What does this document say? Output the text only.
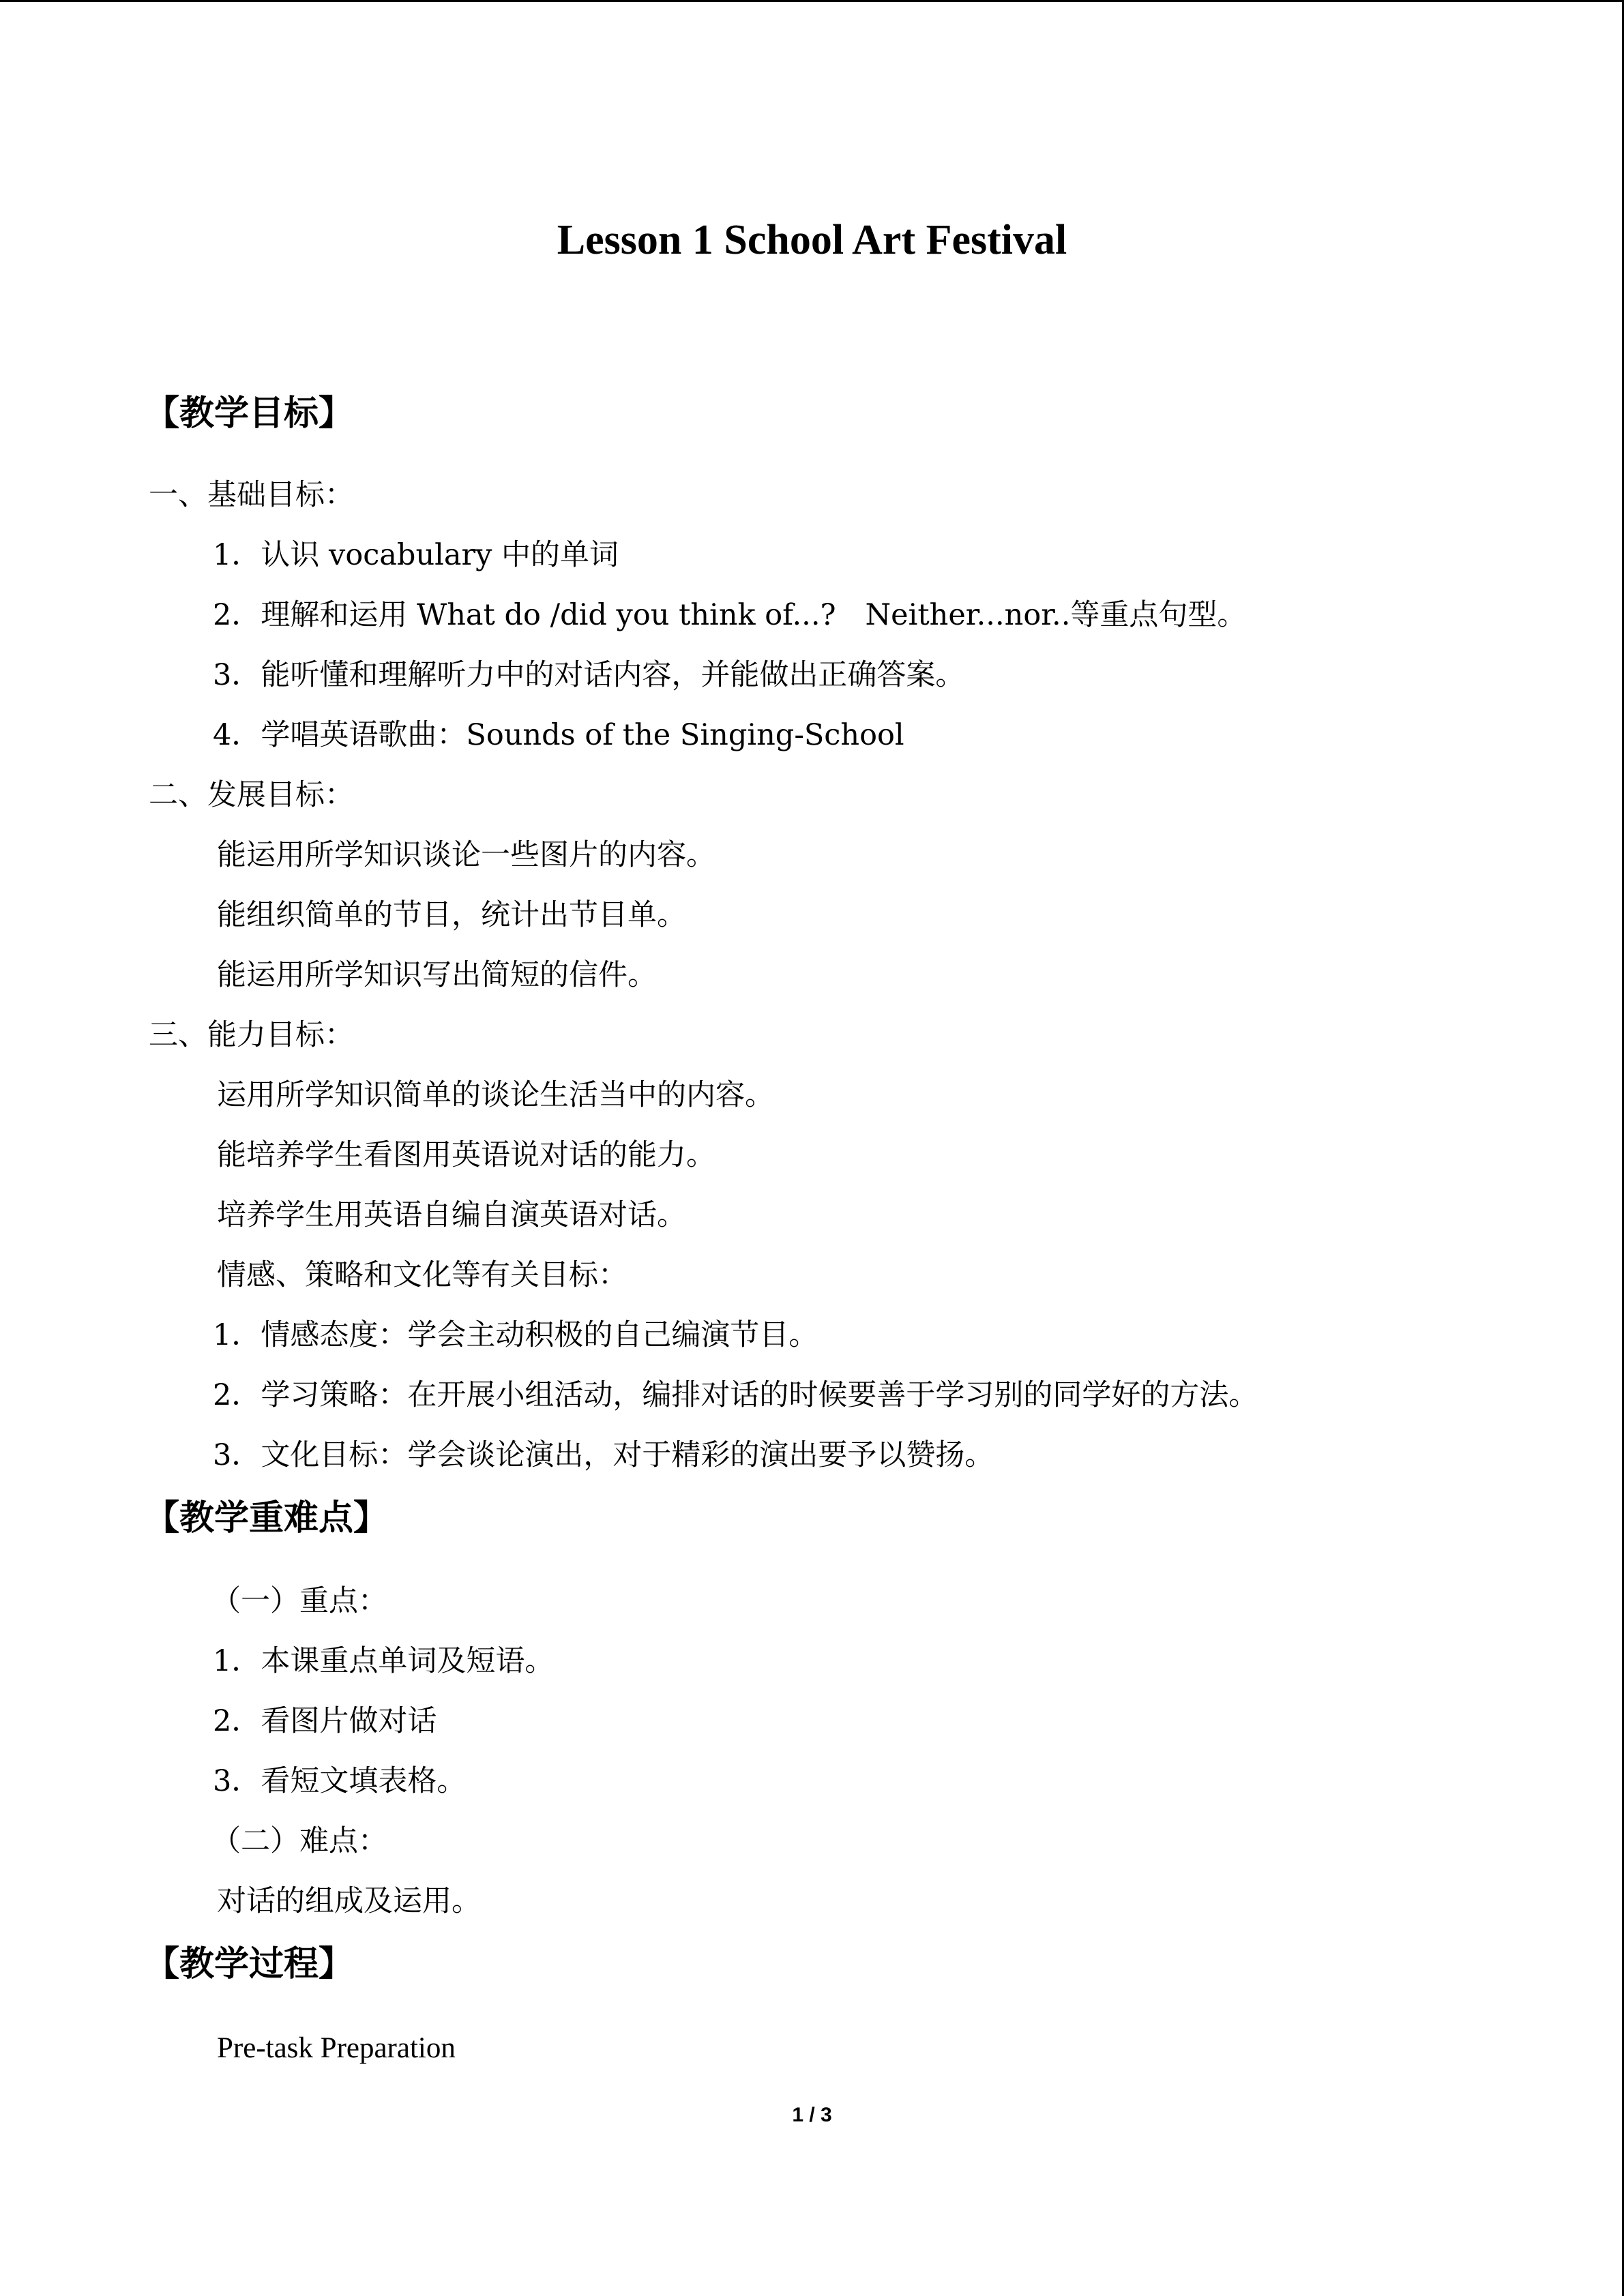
Lesson 1 School Art Festival
【教学目标】
一、基础目标：
1．认识 vocabulary 中的单词
2．理解和运用 What do /did you think of...?　Neither...nor..等重点句型。
3．能听懂和理解听力中的对话内容，并能做出正确答案。
4．学唱英语歌曲：Sounds of the Singing-School
二、发展目标：
能运用所学知识谈论一些图片的内容。
能组织简单的节目，统计出节目单。
能运用所学知识写出简短的信件。
三、能力目标：
运用所学知识简单的谈论生活当中的内容。
能培养学生看图用英语说对话的能力。
培养学生用英语自编自演英语对话。
情感、策略和文化等有关目标：
1．情感态度：学会主动积极的自己编演节目。
2．学习策略：在开展小组活动，编排对话的时候要善于学习别的同学好的方法。
3．文化目标：学会谈论演出，对于精彩的演出要予以赞扬。
【教学重难点】
（一）重点：
1．本课重点单词及短语。
2．看图片做对话
3．看短文填表格。
（二）难点：
对话的组成及运用。
【教学过程】
Pre-task Preparation
1 / 3
